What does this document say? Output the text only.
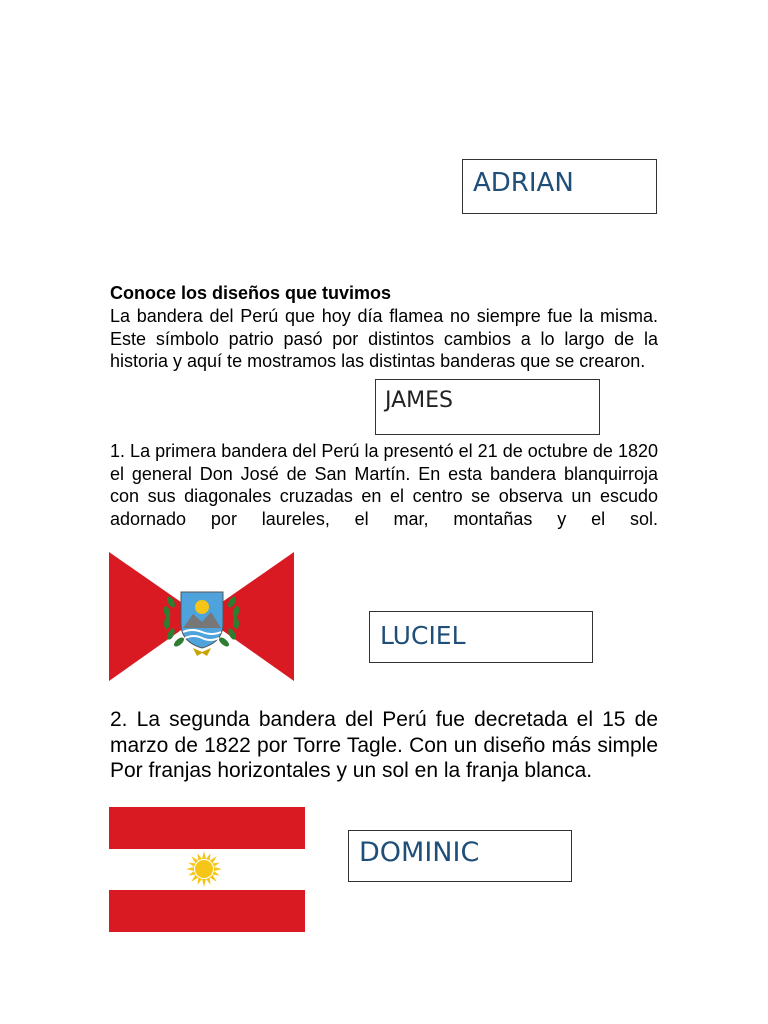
ADRIAN

Conoce los diseños que tuvimos

La bandera del Perú que hoy día flamea no siempre fue la misma. Este símbolo patrio pasó por distintos cambios a lo largo de la historia y aquí te mostramos las distintas banderas que se crearon.

JAMES

1. La primera bandera del Perú la presentó el 21 de octubre de 1820 el general Don José de San Martín. En esta bandera blanquirroja con sus diagonales cruzadas en el centro se observa un escudo adornado por laureles, el mar, montañas y el sol.

LUCIEL

2. La segunda bandera del Perú fue decretada el 15 de marzo de 1822 por Torre Tagle. Con un diseño más simple Por franjas horizontales y un sol en la franja blanca.

DOMINIC
